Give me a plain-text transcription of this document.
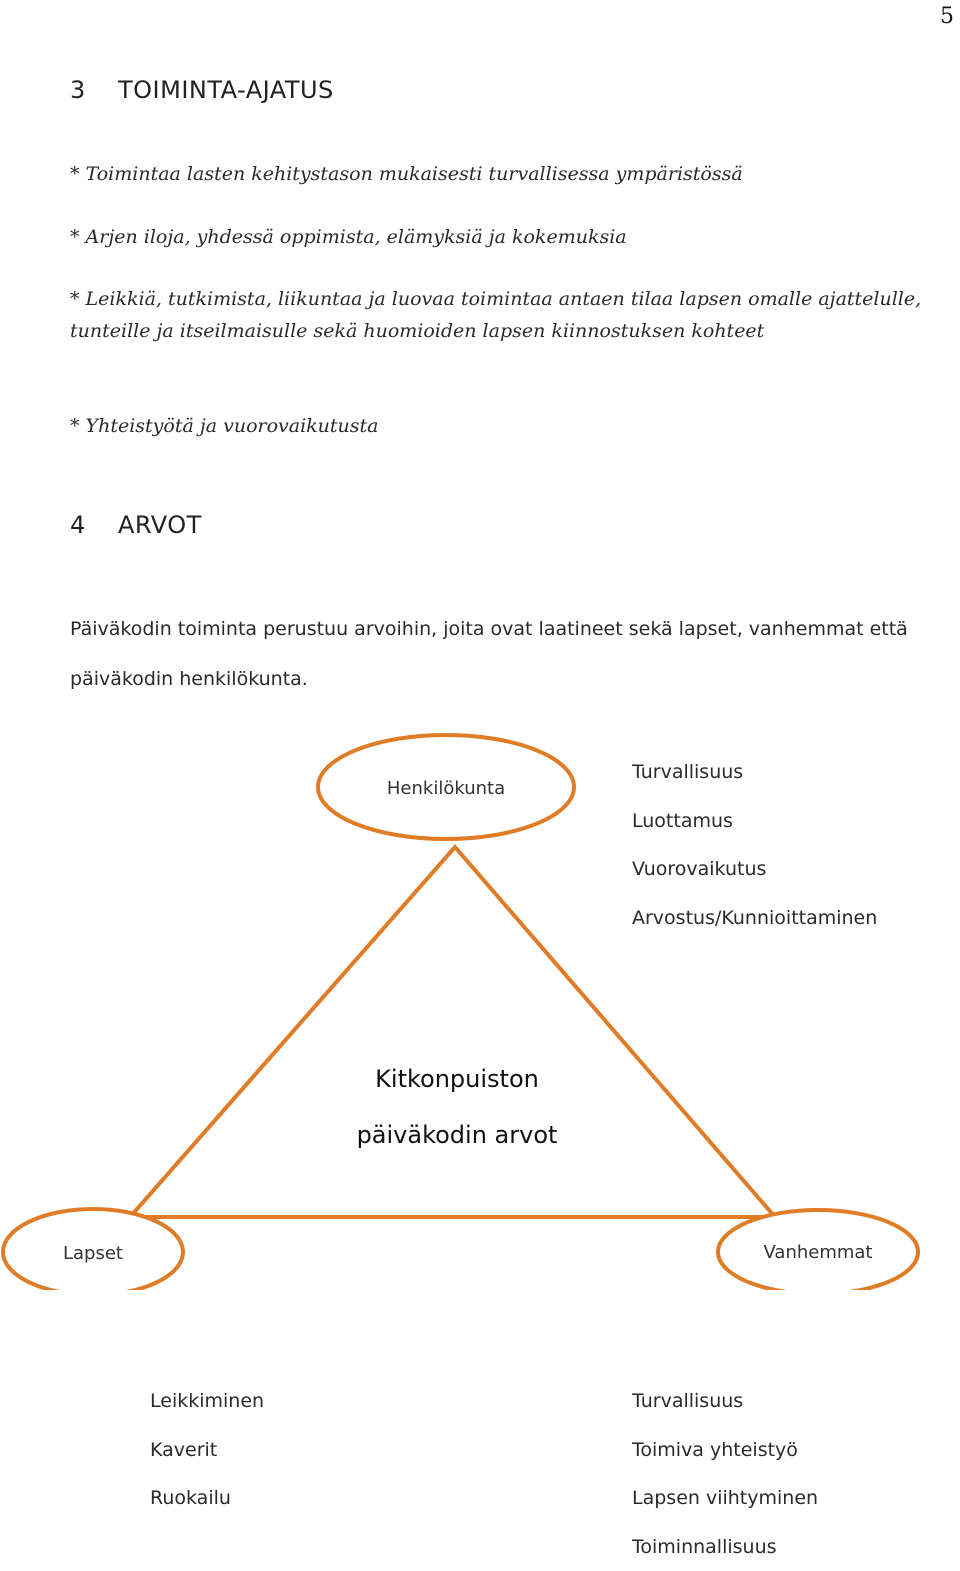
5
3 TOIMINTA-AJATUS

* Toimintaa lasten kehitystason mukaisesti turvallisessa ympäristössä

* Arjen iloja, yhdessä oppimista, elämyksiä ja kokemuksia

* Leikkiä, tutkimista, liikuntaa ja luovaa toimintaa antaen tilaa lapsen omalle ajattelulle, tunteille ja itseilmaisulle sekä huomioiden lapsen kiinnostuksen kohteet

* Yhteistyötä ja vuorovaikutusta

4 ARVOT

Päiväkodin toiminta perustuu arvoihin, joita ovat laatineet sekä lapset, vanhemmat että päiväkodin henkilökunta.

Henkilökunta
Lapset	Vanhemmat
Kitkonpuiston
päiväkodin arvot
Turvallisuus
Luottamus
Vuorovaikutus
Arvostus/Kunnioittaminen
Leikkiminen
Kaverit
Ruokailu
Turvallisuus
Toimiva yhteistyö
Lapsen viihtyminen
Toiminnallisuus
